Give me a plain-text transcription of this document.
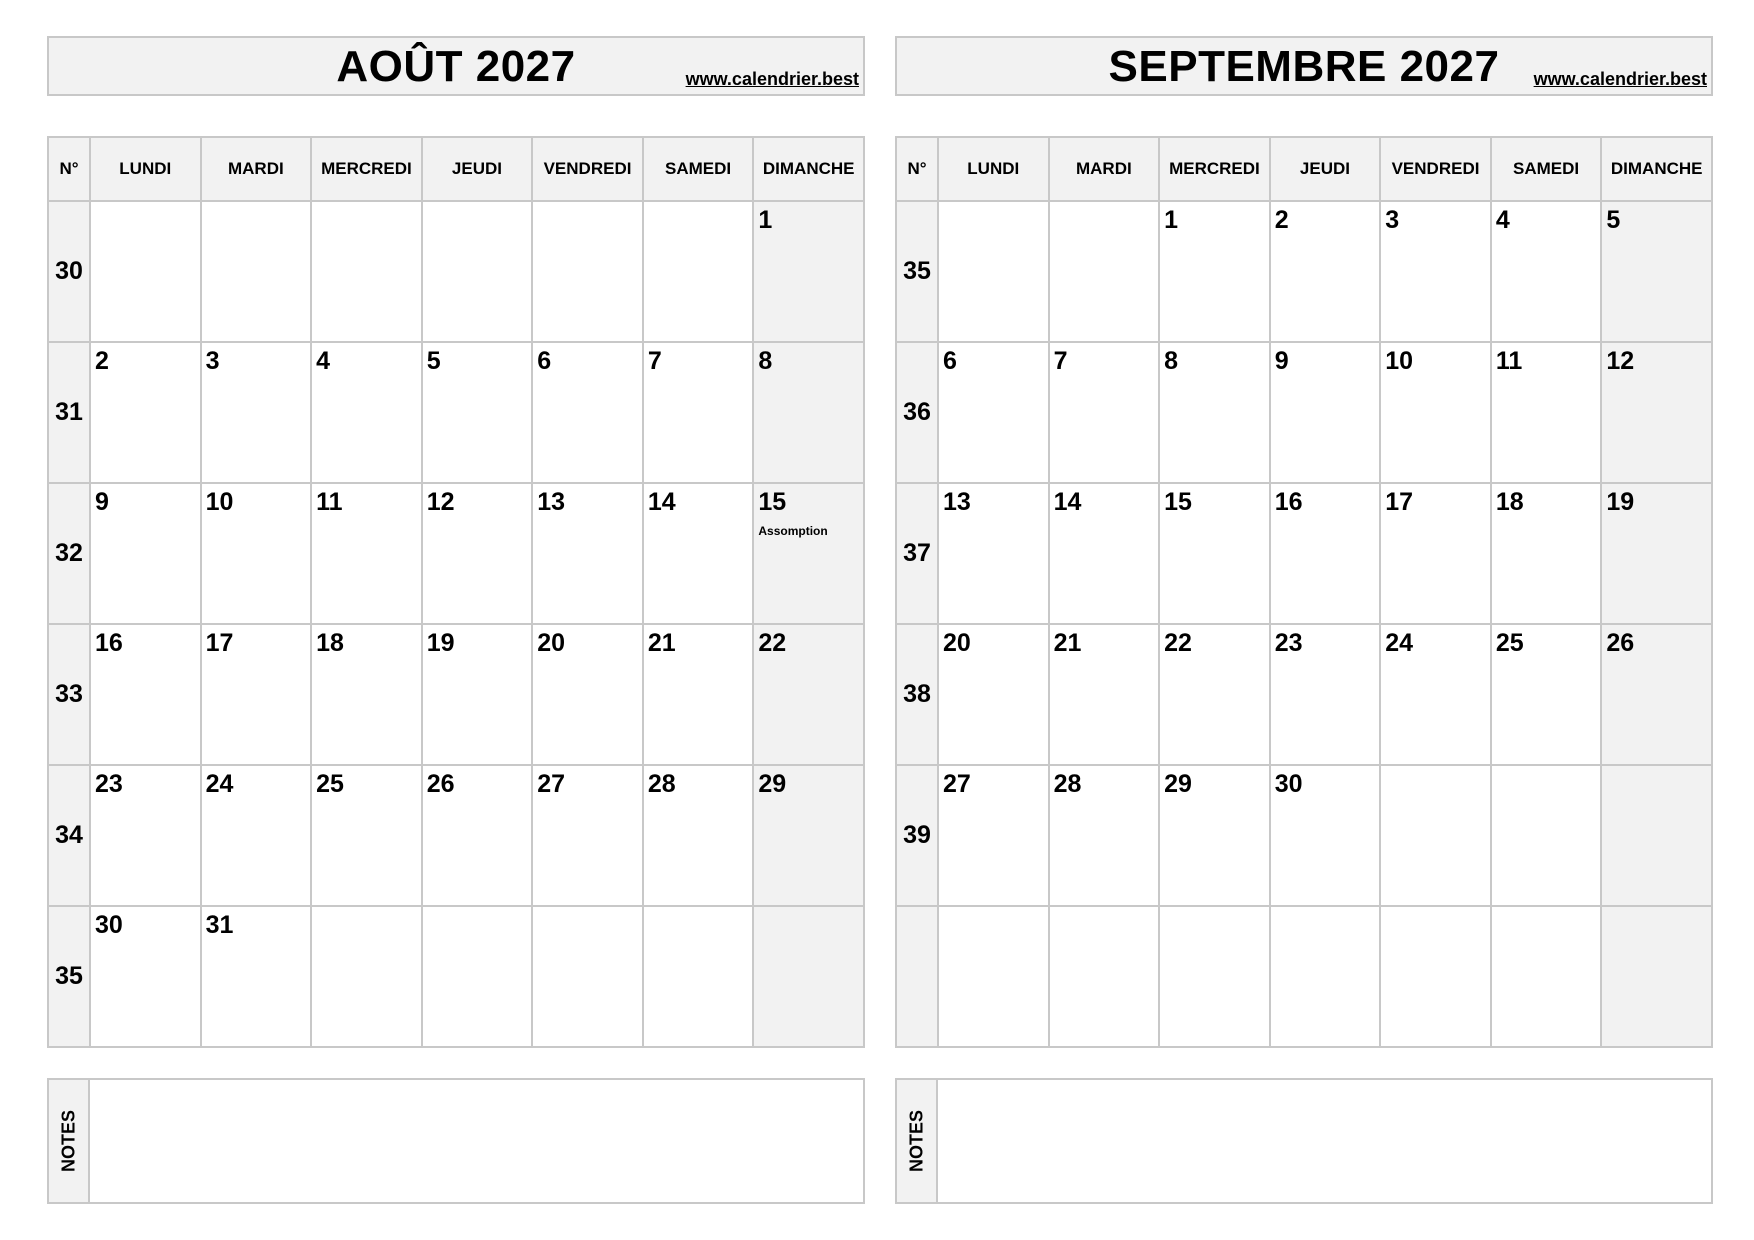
AOÛT 2027	www.calendrier.best
N°	LUNDI	MARDI	MERCREDI	JEUDI	VENDREDI	SAMEDI	DIMANCHE
30							1

31	2	3	4	5	6	7	8

32	9	10	11	12	13	14	15
Assomption

33	16	17	18	19	20	21	22

34	23	24	25	26	27	28	29

35	30	31					

NOTES

SEPTEMBRE 2027	www.calendrier.best
N°	LUNDI	MARDI	MERCREDI	JEUDI	VENDREDI	SAMEDI	DIMANCHE
35			1	2	3	4	5

36	6	7	8	9	10	11	12

37	13	14	15	16	17	18	19

38	20	21	22	23	24	25	26

39	27	28	29	30			

NOTES
